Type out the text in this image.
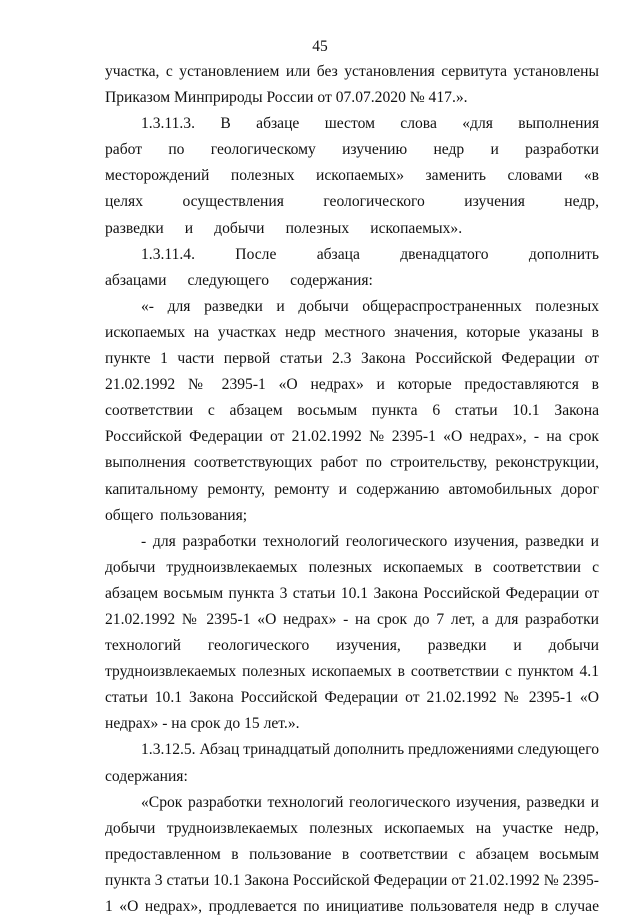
45

участка, с установлением или без установления сервитута установлены Приказом Минприроды России от 07.07.2020 № 417.».

1.3.11.3. В абзаце шестом слова «для выполнения работ по геологическому изучению недр и разработки месторождений полезных ископаемых» заменить словами «в целях осуществления геологического изучения недр, разведки и добычи полезных ископаемых».

1.3.11.4. После абзаца двенадцатого дополнить абзацами следующего содержания:

«- для разведки и добычи общераспространенных полезных ископаемых на участках недр местного значения, которые указаны в пункте 1 части первой статьи 2.3 Закона Российской Федерации от 21.02.1992 № 2395-1 «О недрах» и которые предоставляются в соответствии с абзацем восьмым пункта 6 статьи 10.1 Закона Российской Федерации от 21.02.1992 № 2395-1 «О недрах», - на срок выполнения соответствующих работ по строительству, реконструкции, капитальному ремонту, ремонту и содержанию автомобильных дорог общего пользования;

- для разработки технологий геологического изучения, разведки и добычи трудноизвлекаемых полезных ископаемых в соответствии с абзацем восьмым пункта 3 статьи 10.1 Закона Российской Федерации от 21.02.1992 № 2395-1 «О недрах» - на срок до 7 лет, а для разработки технологий геологического изучения, разведки и добычи трудноизвлекаемых полезных ископаемых в соответствии с пунктом 4.1 статьи 10.1 Закона Российской Федерации от 21.02.1992 № 2395-1 «О недрах» - на срок до 15 лет.».

1.3.12.5. Абзац тринадцатый дополнить предложениями следующего содержания:

«Срок разработки технологий геологического изучения, разведки и добычи трудноизвлекаемых полезных ископаемых на участке недр, предоставленном в пользование в соответствии с абзацем восьмым пункта 3 статьи 10.1 Закона Российской Федерации от 21.02.1992 № 2395-1 «О недрах», продлевается по инициативе пользователя недр в случае
